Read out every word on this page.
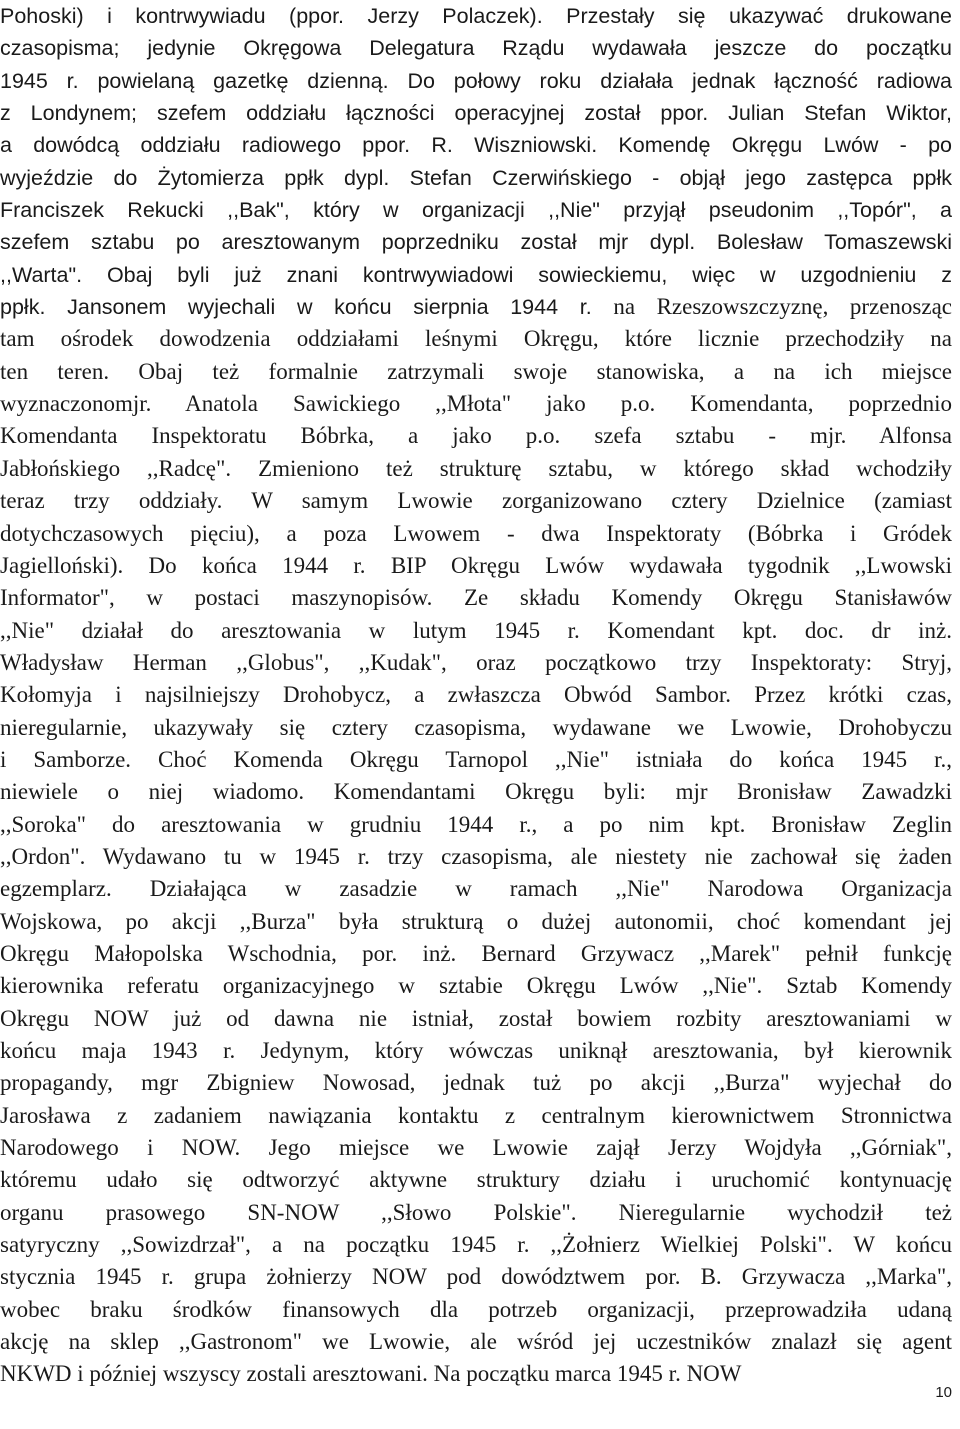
Pohoski) i kontrwywiadu (ppor. Jerzy Polaczek). Przestały się ukazywać drukowane
czasopisma; jedynie Okręgowa Delegatura Rządu wydawała jeszcze do początku
1945 r. powielaną gazetkę dzienną. Do połowy roku działała jednak łączność radiowa
z Londynem; szefem oddziału łączności operacyjnej został ppor. Julian Stefan Wiktor,
a dowódcą oddziału radiowego ppor. R. Wiszniowski. Komendę Okręgu Lwów - po
wyjeździe do Żytomierza ppłk dypl. Stefan Czerwińskiego - objął jego zastępca ppłk
Franciszek Rekucki ,,Bak", który w organizacji ,,Nie" przyjął pseudonim ,,Topór", a
szefem sztabu po aresztowanym poprzedniku został mjr dypl. Bolesław Tomaszewski
,,Warta". Obaj byli już znani kontrwywiadowi sowieckiemu, więc w uzgodnieniu z
ppłk. Jansonem wyjechali w końcu sierpnia 1944 r. na Rzeszowszczyznę, przenosząc
tam ośrodek dowodzenia oddziałami leśnymi Okręgu, które licznie przechodziły na
ten teren. Obaj też formalnie zatrzymali swoje stanowiska, a na ich miejsce
wyznaczonomjr. Anatola Sawickiego ,,Młota" jako p.o. Komendanta, poprzednio
Komendanta Inspektoratu Bóbrka, a jako p.o. szefa sztabu - mjr. Alfonsa
Jabłońskiego ,,Radcę". Zmieniono też strukturę sztabu, w którego skład wchodziły
teraz trzy oddziały. W samym Lwowie zorganizowano cztery Dzielnice (zamiast
dotychczasowych pięciu), a poza Lwowem - dwa Inspektoraty (Bóbrka i Gródek
Jagielloński). Do końca 1944 r. BIP Okręgu Lwów wydawała tygodnik ,,Lwowski
Informator", w postaci maszynopisów. Ze składu Komendy Okręgu Stanisławów
,,Nie" działał do aresztowania w lutym 1945 r. Komendant kpt. doc. dr inż.
Władysław Herman ,,Globus", ,,Kudak", oraz początkowo trzy Inspektoraty: Stryj,
Kołomyja i najsilniejszy Drohobycz, a zwłaszcza Obwód Sambor. Przez krótki czas,
nieregularnie, ukazywały się cztery czasopisma, wydawane we Lwowie, Drohobyczu
i Samborze. Choć Komenda Okręgu Tarnopol ,,Nie" istniała do końca 1945 r.,
niewiele o niej wiadomo. Komendantami Okręgu byli: mjr Bronisław Zawadzki
,,Soroka" do aresztowania w grudniu 1944 r., a po nim kpt. Bronisław Zeglin
,,Ordon". Wydawano tu w 1945 r. trzy czasopisma, ale niestety nie zachował się żaden
egzemplarz. Działająca w zasadzie w ramach ,,Nie" Narodowa Organizacja
Wojskowa, po akcji ,,Burza" była strukturą o dużej autonomii, choć komendant jej
Okręgu Małopolska Wschodnia, por. inż. Bernard Grzywacz ,,Marek" pełnił funkcję
kierownika referatu organizacyjnego w sztabie Okręgu Lwów ,,Nie". Sztab Komendy
Okręgu NOW już od dawna nie istniał, został bowiem rozbity aresztowaniami w
końcu maja 1943 r. Jedynym, który wówczas uniknął aresztowania, był kierownik
propagandy, mgr Zbigniew Nowosad, jednak tuż po akcji ,,Burza" wyjechał do
Jarosława z zadaniem nawiązania kontaktu z centralnym kierownictwem Stronnictwa
Narodowego i NOW. Jego miejsce we Lwowie zajął Jerzy Wojdyła ,,Górniak",
któremu udało się odtworzyć aktywne struktury działu i uruchomić kontynuację
organu prasowego SN-NOW ,,Słowo Polskie". Nieregularnie wychodził też
satyryczny ,,Sowizdrzał", a na początku 1945 r. ,,Żołnierz Wielkiej Polski". W końcu
stycznia 1945 r. grupa żołnierzy NOW pod dowództwem por. B. Grzywacza ,,Marka",
wobec braku środków finansowych dla potrzeb organizacji, przeprowadziła udaną
akcję na sklep ,,Gastronom" we Lwowie, ale wśród jej uczestników znalazł się agent
NKWD i później wszyscy zostali aresztowani. Na początku marca 1945 r. NOW
10
